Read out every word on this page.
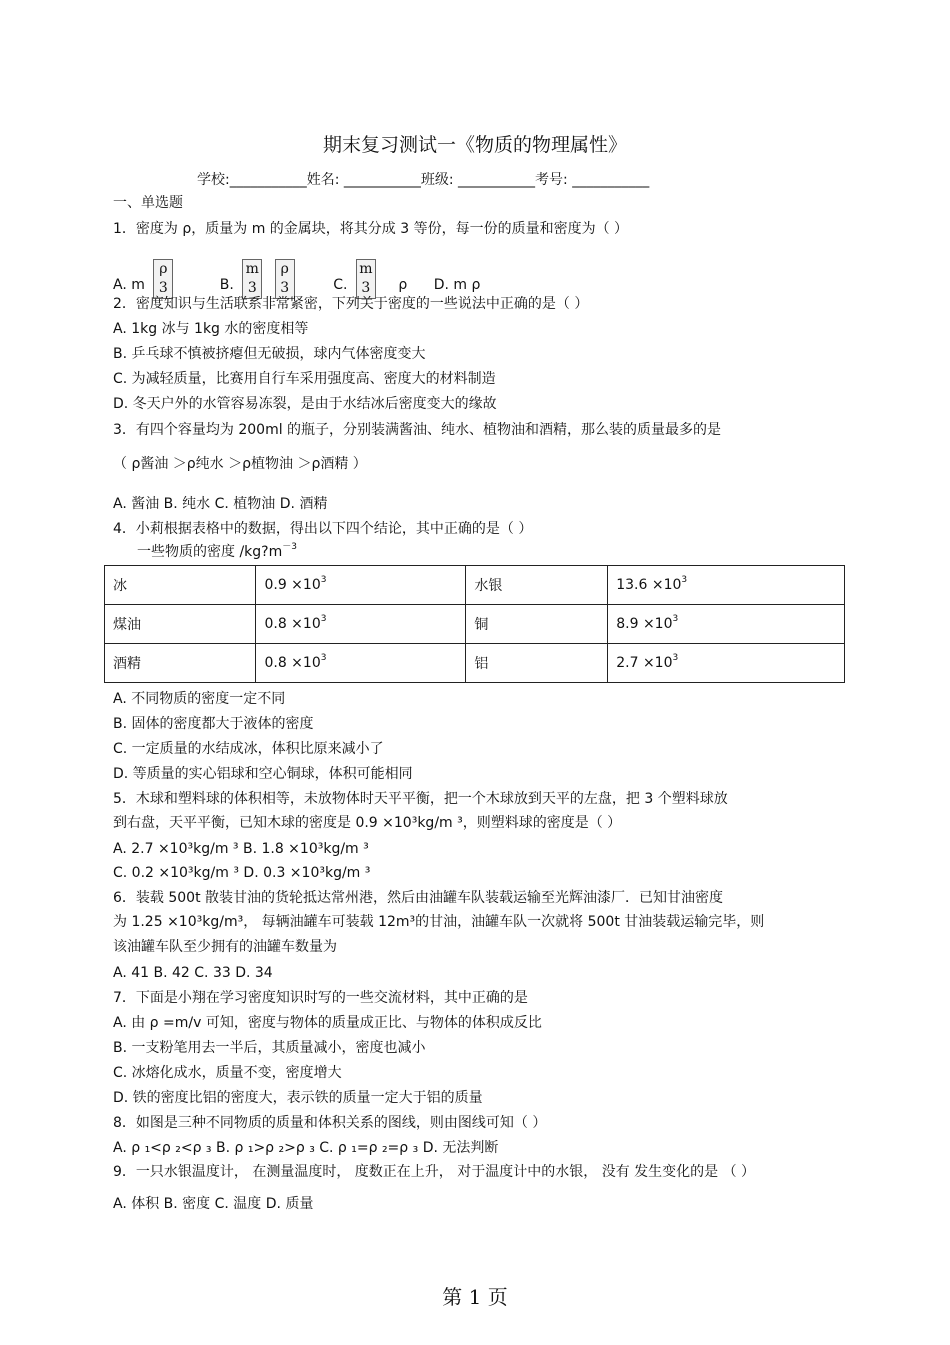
期末复习测试一《物质的物理属性》
学校:___________姓名: ___________班级: ___________考号: ___________
一、单选题
1．密度为 ρ，质量为 m 的金属块，将其分成 3 等份，每一份的质量和密度为（ ）
A. m
ρ
3	B.
m
3

ρ
3	C.
m
3	ρ D. m ρ
2．密度知识与生活联系非常紧密，下列关于密度的一些说法中正确的是（ ）
A. 1kg 冰与 1kg 水的密度相等
B. 乒乓球不慎被挤瘪但无破损，球内气体密度变大
C. 为减轻质量，比赛用自行车采用强度高、密度大的材料制造
D. 冬天户外的水管容易冻裂，是由于水结冰后密度变大的缘故
3．有四个容量均为 200ml 的瓶子，分别装满酱油、纯水、植物油和酒精，那么装的质量最多的是
（ ρ酱油 ＞ρ纯水 ＞ρ植物油 ＞ρ酒精 ）
A. 酱油 B. 纯水 C. 植物油 D. 酒精
4．小莉根据表格中的数据，得出以下四个结论，其中正确的是（ ）
一些物质的密度 $/kg?m^{-3}$
冰	$0.9 \times 10^3$	水银	$13.6 \times 10^3$
煤油	$0.8 \times 10^3$	铜	$8.9 \times 10^3$
酒精	$0.8 \times 10^3$	铝	$2.7 \times 10^3$
A. 不同物质的密度一定不同
B. 固体的密度都大于液体的密度
C. 一定质量的水结成冰，体积比原来减小了
D. 等质量的实心铝球和空心铜球，体积可能相同
5．木球和塑料球的体积相等，未放物体时天平平衡，把一个木球放到天平的左盘，把 3 个塑料球放
到右盘，天平平衡，已知木球的密度是 0.9 ×10³kg/m ³，则塑料球的密度是（ ）
A. 2.7 ×10³kg/m ³ B. 1.8 ×10³kg/m ³
C. 0.2 ×10³kg/m ³ D. 0.3 ×10³kg/m ³
6．装载 500t 散装甘油的货轮抵达常州港，然后由油罐车队装载运输至光辉油漆厂．已知甘油密度
为 1.25 ×10³kg/m³， 每辆油罐车可装载 12m³的甘油，油罐车队一次就将 500t 甘油装载运输完毕，则
该油罐车队至少拥有的油罐车数量为
A. 41 B. 42 C. 33 D. 34
7．下面是小翔在学习密度知识时写的一些交流材料，其中正确的是
A. 由 ρ =m/v 可知，密度与物体的质量成正比、与物体的体积成反比
B. 一支粉笔用去一半后，其质量减小，密度也减小
C. 冰熔化成水，质量不变，密度增大
D. 铁的密度比铝的密度大，表示铁的质量一定大于铝的质量
8．如图是三种不同物质的质量和体积关系的图线，则由图线可知（ ）
A. ρ ₁<ρ ₂<ρ ₃ B. ρ ₁>ρ ₂>ρ ₃ C. ρ ₁=ρ ₂=ρ ₃ D. 无法判断
9．一只水银温度计， 在测量温度时， 度数正在上升， 对于温度计中的水银， 没有 发生变化的是 （ ）
A. 体积 B. 密度 C. 温度 D. 质量
第 1 页
